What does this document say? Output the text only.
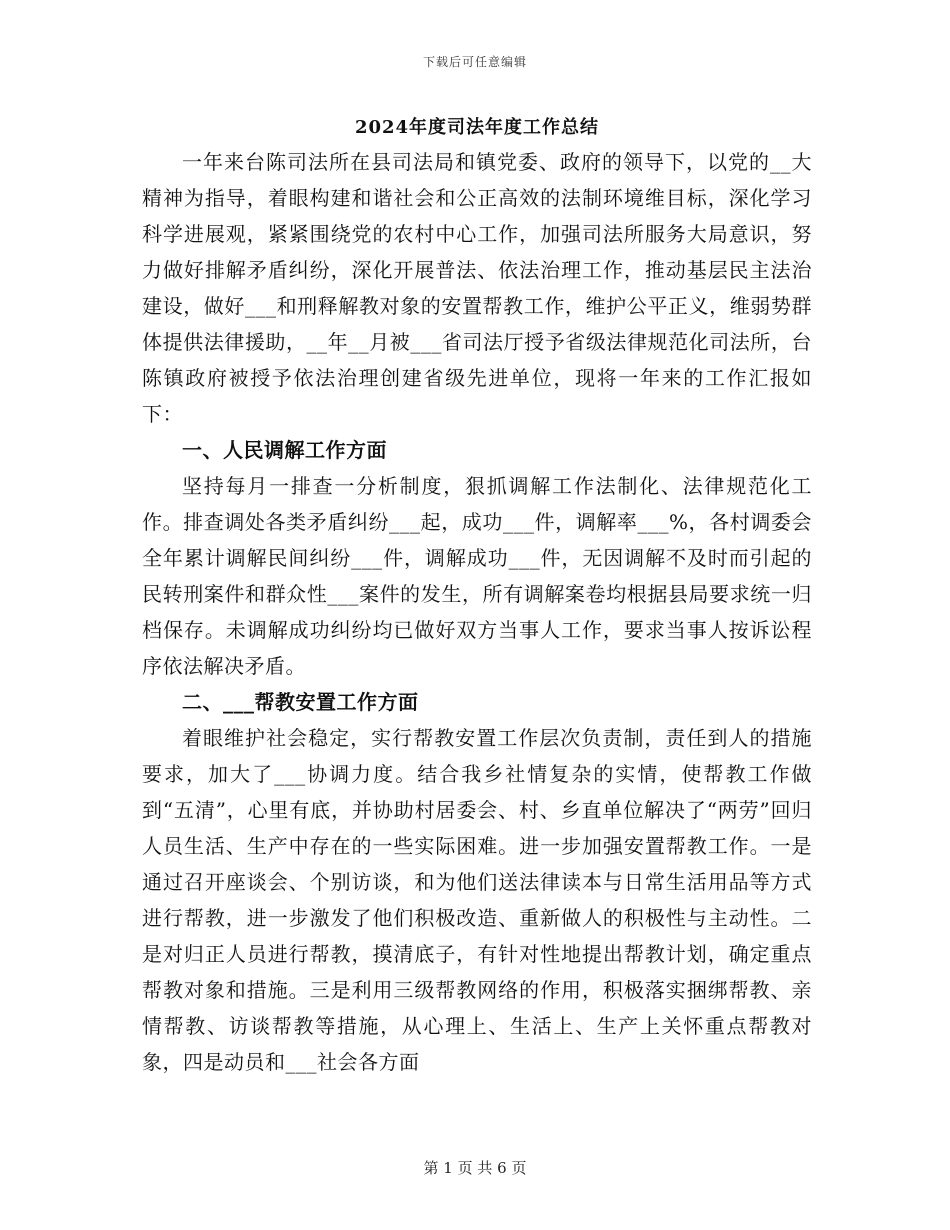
下载后可任意编辑
2024年度司法年度工作总结

一年来台陈司法所在县司法局和镇党委、政府的领导下，以党的__大精神为指导，着眼构建和谐社会和公正高效的法制环境维目标，深化学习科学进展观，紧紧围绕党的农村中心工作，加强司法所服务大局意识，努力做好排解矛盾纠纷，深化开展普法、依法治理工作，推动基层民主法治建设，做好___和刑释解教对象的安置帮教工作，维护公平正义，维弱势群体提供法律援助，__年__月被___省司法厅授予省级法律规范化司法所，台陈镇政府被授予依法治理创建省级先进单位，现将一年来的工作汇报如下：

一、人民调解工作方面

坚持每月一排查一分析制度，狠抓调解工作法制化、法律规范化工作。排查调处各类矛盾纠纷___起，成功___件，调解率___%，各村调委会全年累计调解民间纠纷___件，调解成功___件，无因调解不及时而引起的民转刑案件和群众性___案件的发生，所有调解案卷均根据县局要求统一归档保存。未调解成功纠纷均已做好双方当事人工作，要求当事人按诉讼程序依法解决矛盾。

二、___帮教安置工作方面

着眼维护社会稳定，实行帮教安置工作层次负责制，责任到人的措施要求，加大了___协调力度。结合我乡社情复杂的实情，使帮教工作做到“五清”，心里有底，并协助村居委会、村、乡直单位解决了“两劳”回归人员生活、生产中存在的一些实际困难。进一步加强安置帮教工作。一是通过召开座谈会、个别访谈，和为他们送法律读本与日常生活用品等方式进行帮教，进一步激发了他们积极改造、重新做人的积极性与主动性。二是对归正人员进行帮教，摸清底子，有针对性地提出帮教计划，确定重点帮教对象和措施。三是利用三级帮教网络的作用，积极落实捆绑帮教、亲情帮教、访谈帮教等措施，从心理上、生活上、生产上关怀重点帮教对象，四是动员和___社会各方面

第 1 页 共 6 页
